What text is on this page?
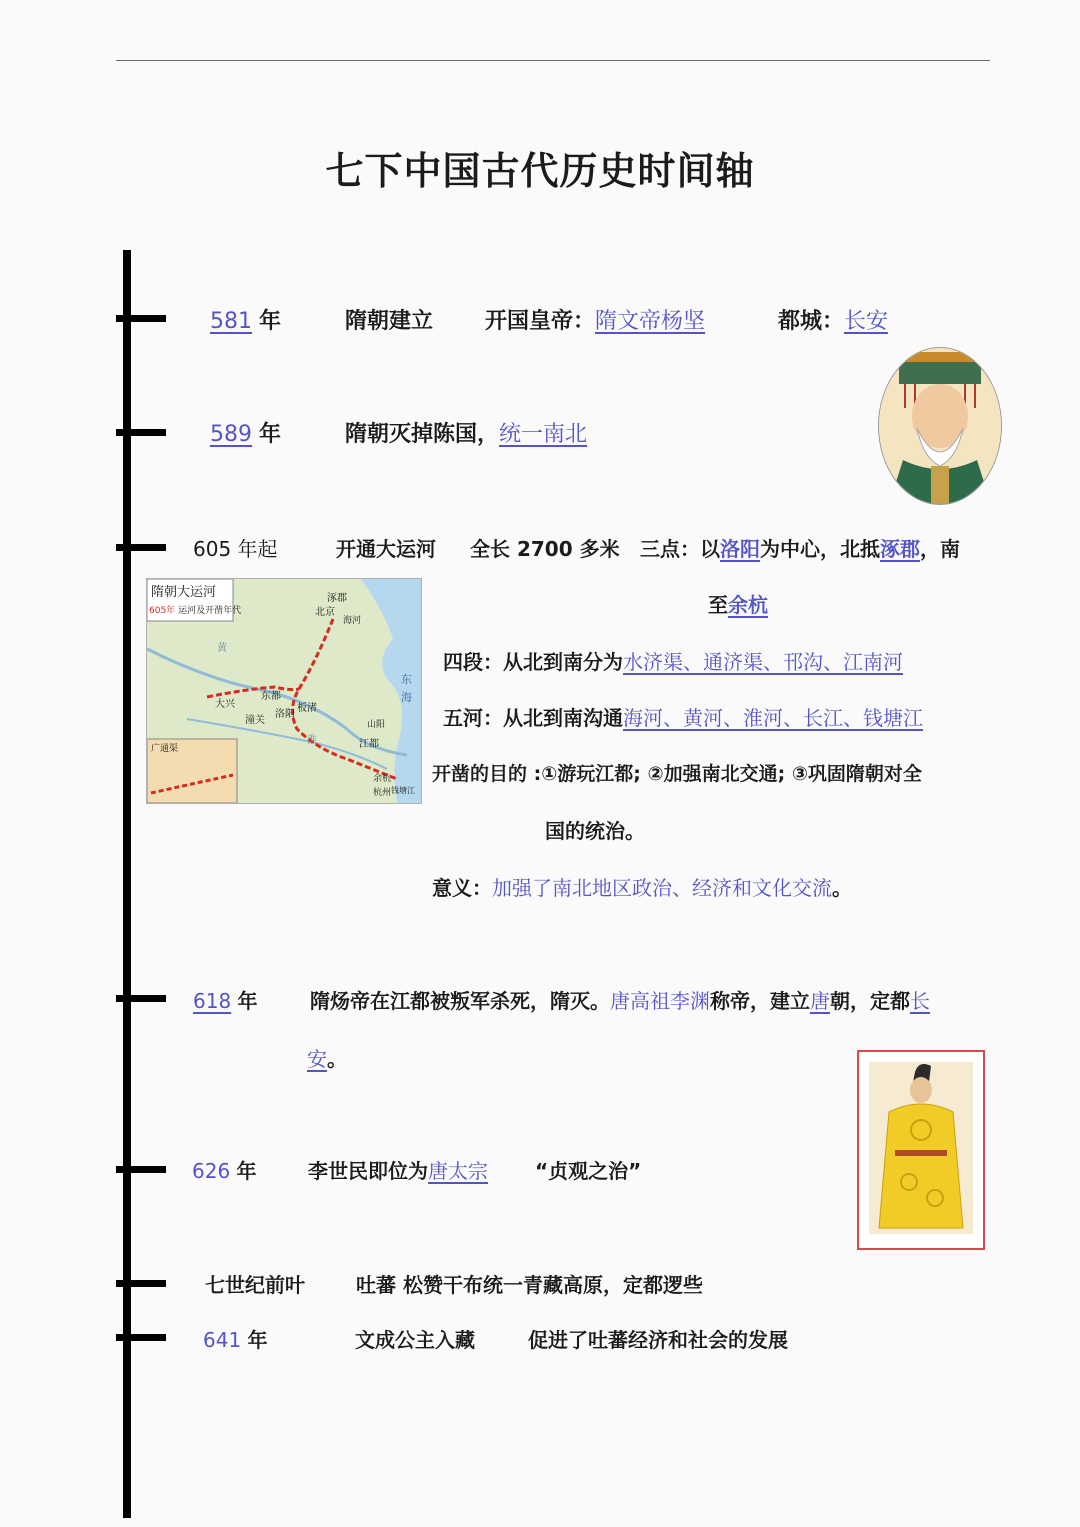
七下中国古代历史时间轴
581 年	隋朝建立 开国皇帝：隋文帝杨坚	都城：长安
589 年	隋朝灭掉陈国，统一南北
605 年起	开通大运河 全长 2700 多米 三点：以洛阳为中心，北抵涿郡，南
至余杭
四段：从北到南分为水济渠、通济渠、邗沟、江南河
五河：从北到南沟通海河、黄河、淮河、长江、钱塘江
开凿的目的 :①游玩江都; ②加强南北交通; ③巩固隋朝对全
国的统治。
意义：加强了南北地区政治、经济和文化交流。
隋朝大运河
605年 运河及开凿年代
广通渠
涿郡
北京
海河
东都
洛阳
大兴
潼关
板渚
江都
山阳
余杭
杭州 钱塘江
黄
淮
东
海
618 年	隋炀帝在江都被叛军杀死，隋灭。唐高祖李渊称帝，建立唐朝，定都长
安。
626 年	李世民即位为唐太宗 “贞观之治”
七世纪前叶	吐蕃 松赞干布统一青藏高原，定都逻些
641 年	文成公主入藏	促进了吐蕃经济和社会的发展
